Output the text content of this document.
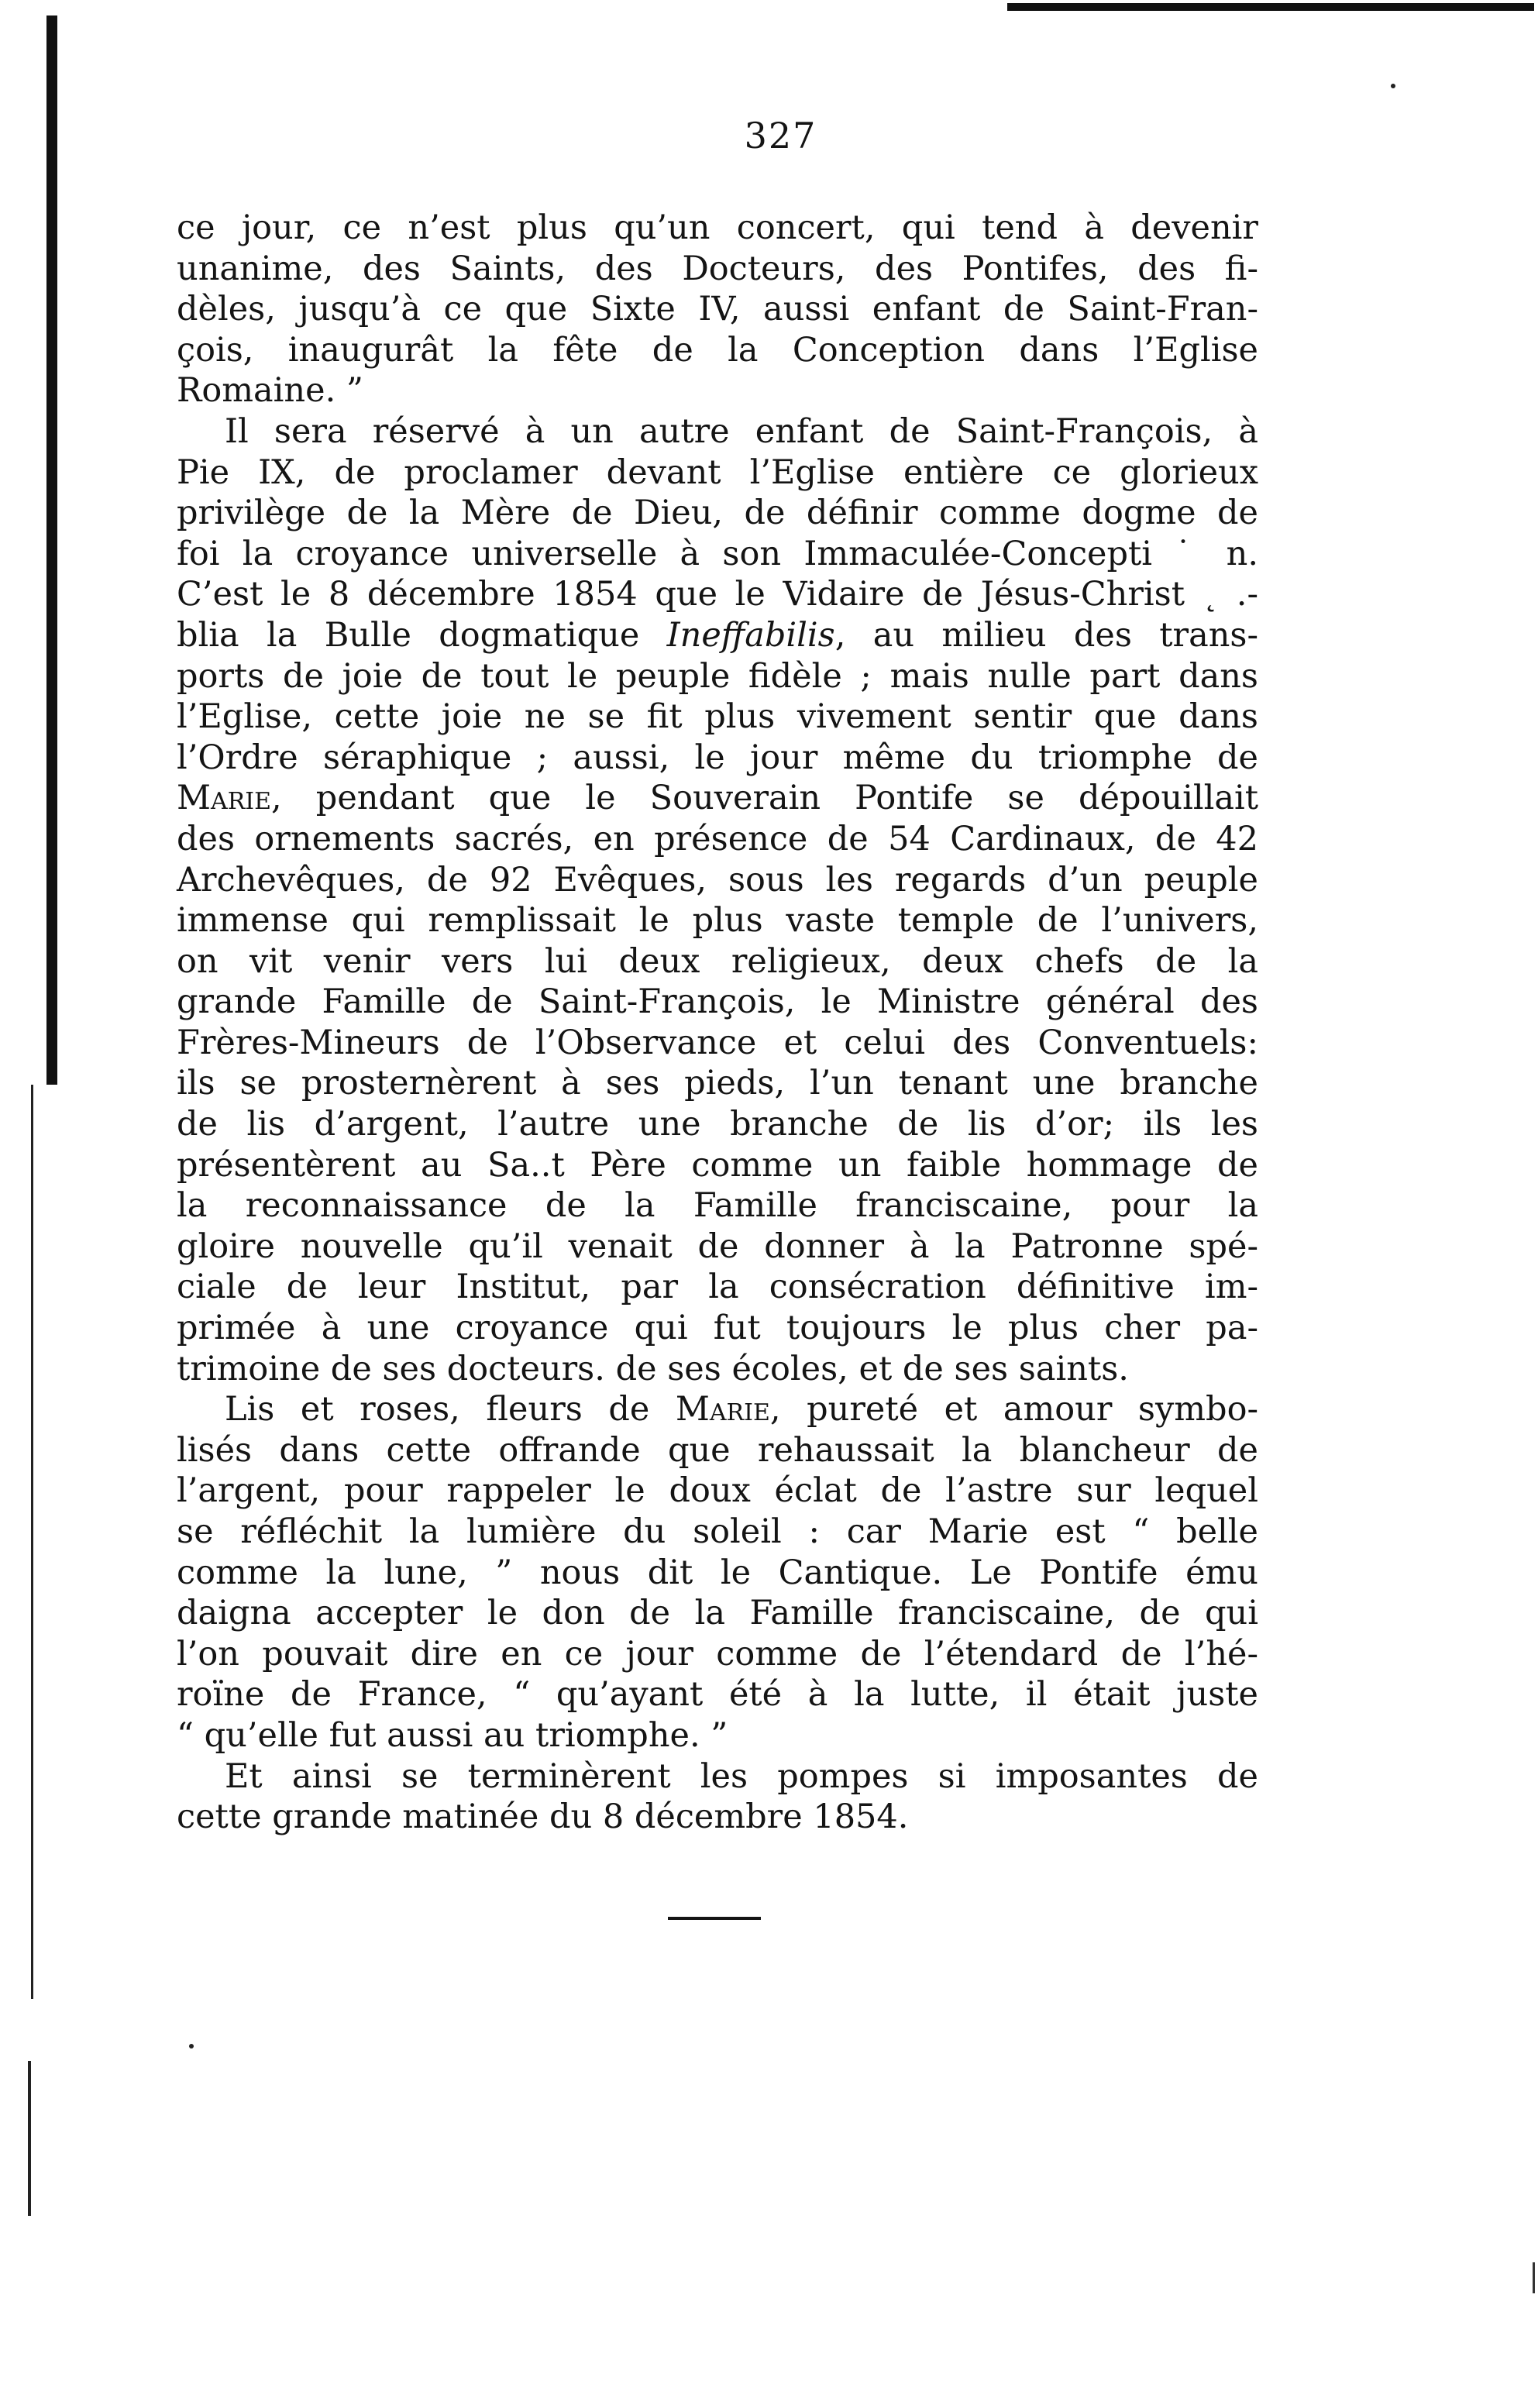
327
ce jour, ce n’est plus qu’un concert, qui tend à devenir
unanime, des Saints, des Docteurs, des Pontifes, des fi-
dèles, jusqu’à ce que Sixte IV, aussi enfant de Saint-Fran-
çois, inaugurât la fête de la Conception dans l’Eglise
Romaine. ”
Il sera réservé à un autre enfant de Saint-François, à
Pie IX, de proclamer devant l’Eglise entière ce glorieux
privilège de la Mère de Dieu, de définir comme dogme de
foi la croyance universelle à son Immaculée-Concepti ˙ n.
C’est le 8 décembre 1854 que le Vidaire de Jésus-Christ ˛ .-
blia la Bulle dogmatique Ineffabilis, au milieu des trans-
ports de joie de tout le peuple fidèle ; mais nulle part dans
l’Eglise, cette joie ne se fit plus vivement sentir que dans
l’Ordre séraphique ; aussi, le jour même du triomphe de
Marie, pendant que le Souverain Pontife se dépouillait
des ornements sacrés, en présence de 54 Cardinaux, de 42
Archevêques, de 92 Evêques, sous les regards d’un peuple
immense qui remplissait le plus vaste temple de l’univers,
on vit venir vers lui deux religieux, deux chefs de la
grande Famille de Saint-François, le Ministre général des
Frères-Mineurs de l’Observance et celui des Conventuels:
ils se prosternèrent à ses pieds, l’un tenant une branche
de lis d’argent, l’autre une branche de lis d’or; ils les
présentèrent au Sa..t Père comme un faible hommage de
la reconnaissance de la Famille franciscaine, pour la
gloire nouvelle qu’il venait de donner à la Patronne spé-
ciale de leur Institut, par la consécration définitive im-
primée à une croyance qui fut toujours le plus cher pa-
trimoine de ses docteurs. de ses écoles, et de ses saints.
Lis et roses, fleurs de Marie, pureté et amour symbo-
lisés dans cette offrande que rehaussait la blancheur de
l’argent, pour rappeler le doux éclat de l’astre sur lequel
se réfléchit la lumière du soleil : car Marie est “ belle
comme la lune, ” nous dit le Cantique. Le Pontife ému
daigna accepter le don de la Famille franciscaine, de qui
l’on pouvait dire en ce jour comme de l’étendard de l’hé-
roïne de France, “ qu’ayant été à la lutte, il était juste
“ qu’elle fut aussi au triomphe. ”
Et ainsi se terminèrent les pompes si imposantes de
cette grande matinée du 8 décembre 1854.
